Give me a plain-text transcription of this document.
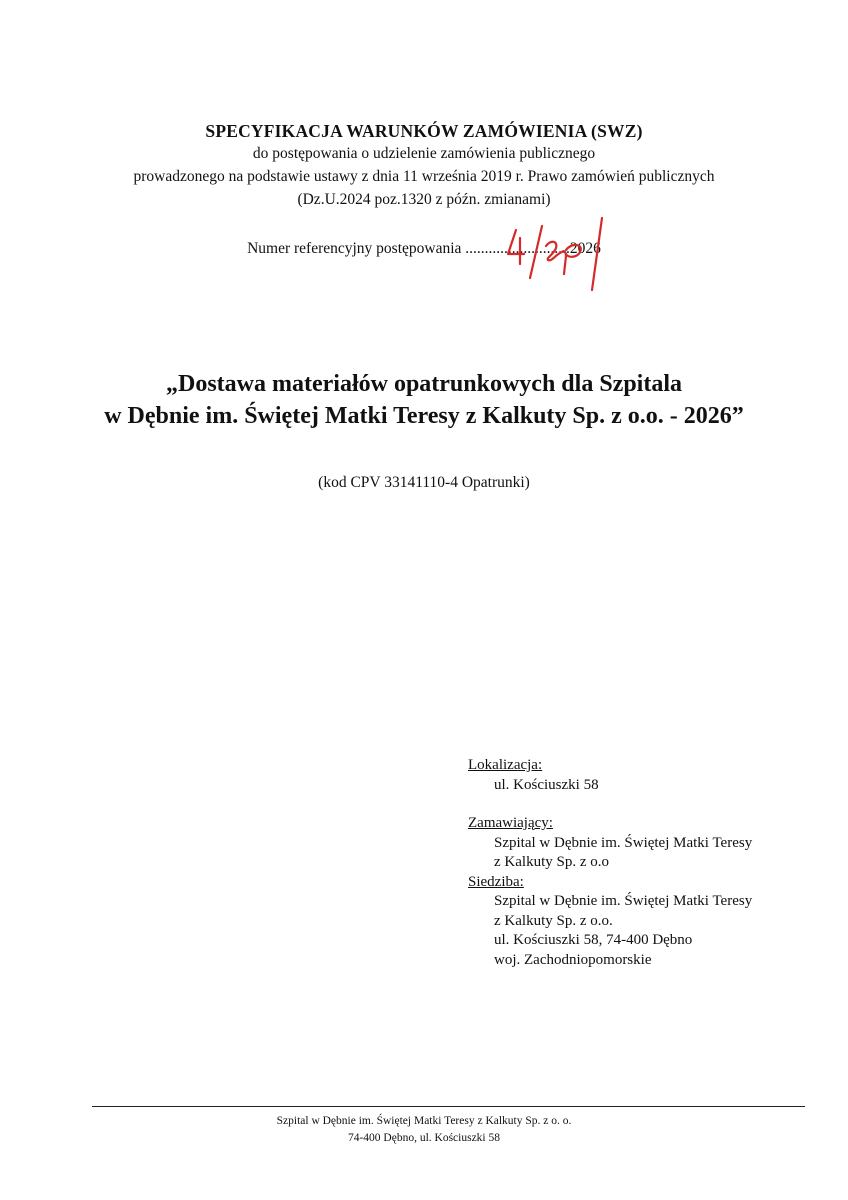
SPECYFIKACJA WARUNKÓW ZAMÓWIENIA (SWZ)

do postępowania o udzielenie zamówienia publicznego

prowadzonego na podstawie ustawy z dnia 11 września 2019 r. Prawo zamówień publicznych

(Dz.U.2024 poz.1320 z późn. zmianami)

Numer referencyjny postępowania ...........................2026
„Dostawa materiałów opatrunkowych dla Szpitala
w Dębnie im. Świętej Matki Teresy z Kalkuty Sp. z o.o. - 2026”
(kod CPV 33141110-4 Opatrunki)
Lokalizacja:
ul. Kościuszki 58
Zamawiający:
Szpital w Dębnie im. Świętej Matki Teresy
z Kalkuty Sp. z o.o
Siedziba:
Szpital w Dębnie im. Świętej Matki Teresy
z Kalkuty Sp. z o.o.
ul. Kościuszki 58, 74-400 Dębno
woj. Zachodniopomorskie
Szpital w Dębnie im. Świętej Matki Teresy z Kalkuty Sp. z o. o.
74-400 Dębno, ul. Kościuszki 58
